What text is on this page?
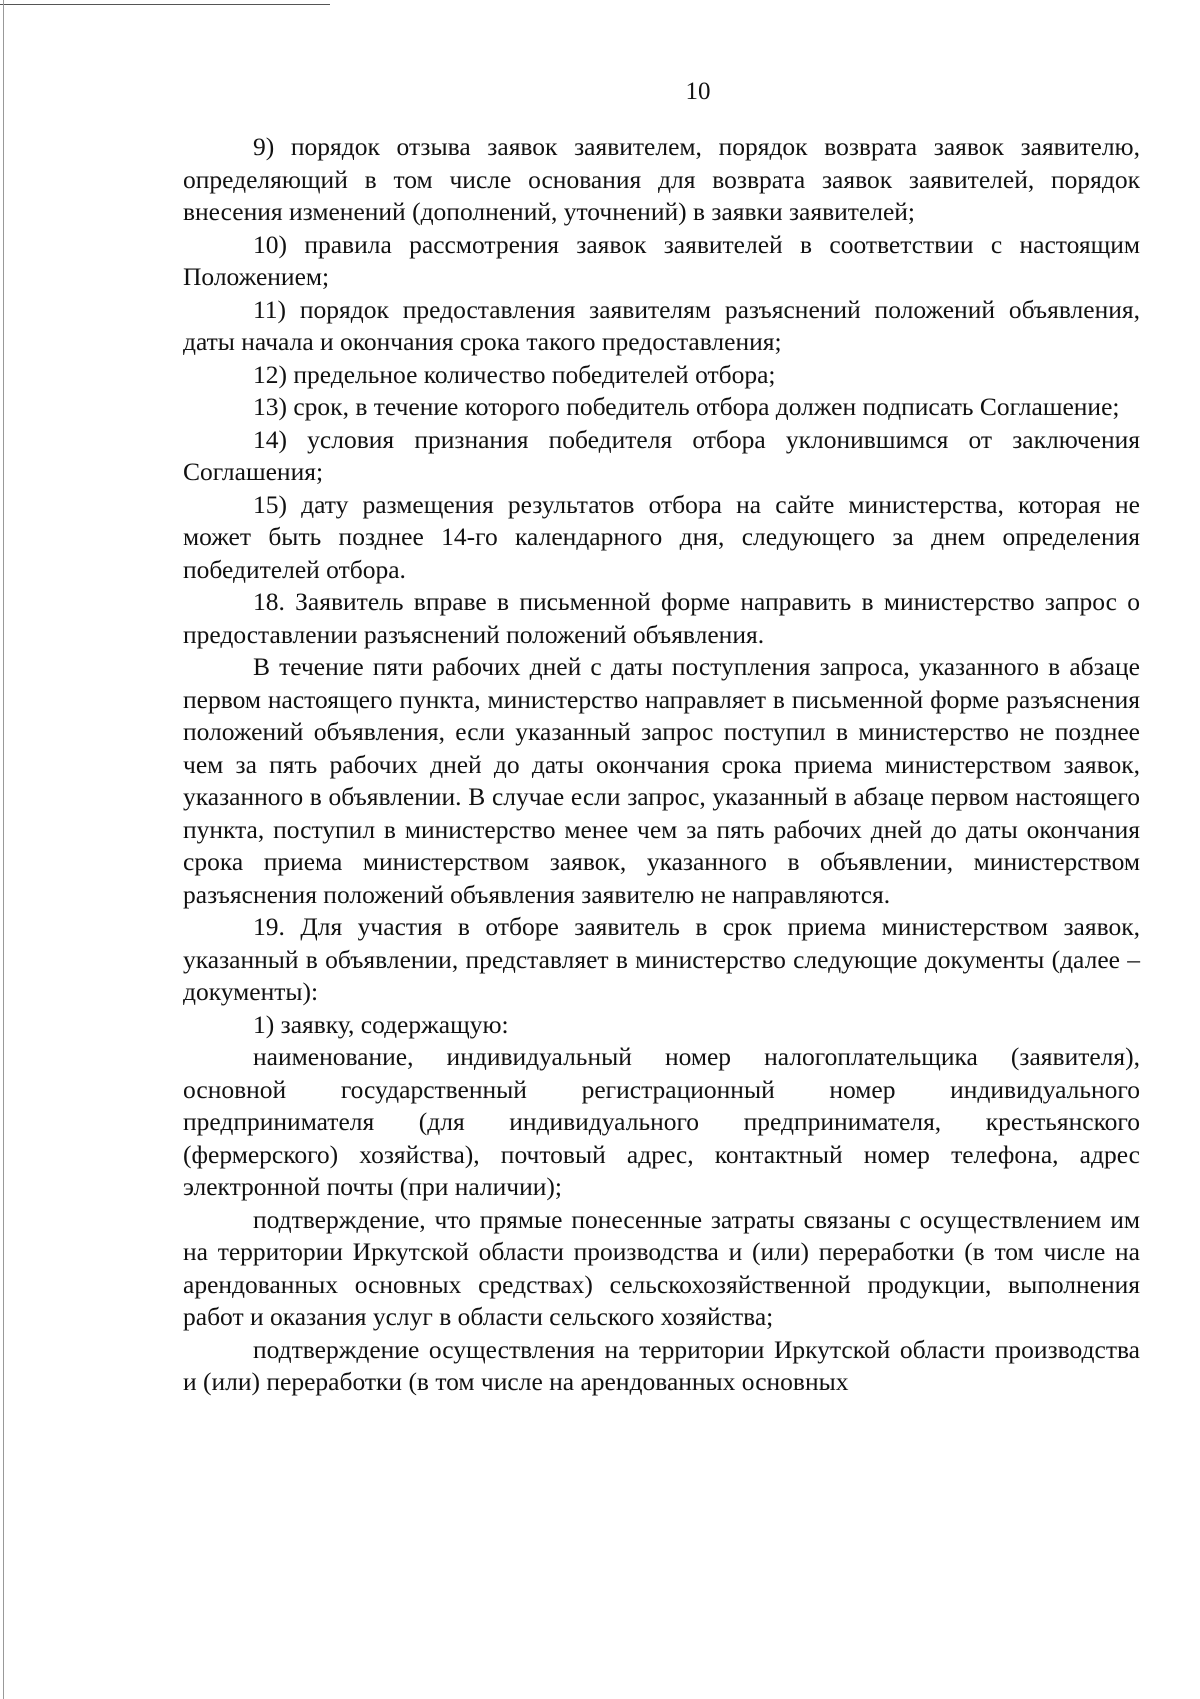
10

9) порядок отзыва заявок заявителем, порядок возврата заявок заявителю, определяющий в том числе основания для возврата заявок заявителей, порядок внесения изменений (дополнений, уточнений) в заявки заявителей;

10) правила рассмотрения заявок заявителей в соответствии с настоящим Положением;

11) порядок предоставления заявителям разъяснений положений объявления, даты начала и окончания срока такого предоставления;

12) предельное количество победителей отбора;

13) срок, в течение которого победитель отбора должен подписать Соглашение;

14) условия признания победителя отбора уклонившимся от заключения Соглашения;

15) дату размещения результатов отбора на сайте министерства, которая не может быть позднее 14-го календарного дня, следующего за днем определения победителей отбора.

18. Заявитель вправе в письменной форме направить в министерство запрос о предоставлении разъяснений положений объявления.

В течение пяти рабочих дней с даты поступления запроса, указанного в абзаце первом настоящего пункта, министерство направляет в письменной форме разъяснения положений объявления, если указанный запрос поступил в министерство не позднее чем за пять рабочих дней до даты окончания срока приема министерством заявок, указанного в объявлении. В случае если запрос, указанный в абзаце первом настоящего пункта, поступил в министерство менее чем за пять рабочих дней до даты окончания срока приема министерством заявок, указанного в объявлении, министерством разъяснения положений объявления заявителю не направляются.

19. Для участия в отборе заявитель в срок приема министерством заявок, указанный в объявлении, представляет в министерство следующие документы (далее – документы):

1) заявку, содержащую:

наименование, индивидуальный номер налогоплательщика (заявителя), основной государственный регистрационный номер индивидуального предпринимателя (для индивидуального предпринимателя, крестьянского (фермерского) хозяйства), почтовый адрес, контактный номер телефона, адрес электронной почты (при наличии);

подтверждение, что прямые понесенные затраты связаны с осуществлением им на территории Иркутской области производства и (или) переработки (в том числе на арендованных основных средствах) сельскохозяйственной продукции, выполнения работ и оказания услуг в области сельского хозяйства;

подтверждение осуществления на территории Иркутской области производства и (или) переработки (в том числе на арендованных основных
